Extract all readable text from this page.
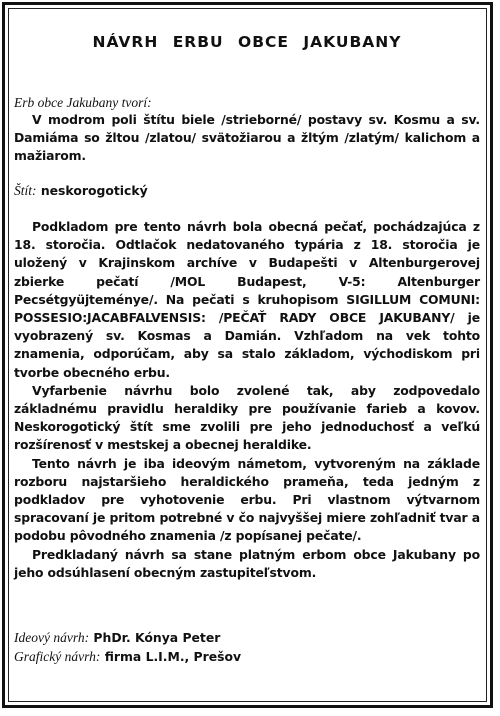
NÁVRH ERBU OBCE JAKUBANY
Erb obce Jakubany tvorí:

V modrom poli štítu biele /strieborné/ postavy sv. Kosmu a sv. Damiáma so žltou /zlatou/ svätožiarou a žltým /zlatým/ kalichom a mažiarom.

Štít: neskorogotický

Podkladom pre tento návrh bola obecná pečať, pochádzajúca z 18. storočia. Odtlačok nedatovaného typária z 18. storočia je uložený v Krajinskom archíve v Budapešti v Altenburgerovej zbierke pečatí /MOL Budapest, V-5: Altenburger Pecsétgyüjteménye/. Na pečati s kruhopisom SIGILLUM COMUNI: POSSESIO:JACABFALVENSIS: /PEČAŤ RADY OBCE JAKUBANY/ je vyobrazený sv. Kosmas a Damián. Vzhľadom na vek tohto znamenia, odporúčam, aby sa stalo základom, východiskom pri tvorbe obecného erbu.

Vyfarbenie návrhu bolo zvolené tak, aby zodpovedalo základnému pravidlu heraldiky pre používanie farieb a kovov. Neskorogotický štít sme zvolili pre jeho jednoduchosť a veľkú rozšírenosť v mestskej a obecnej heraldike.

Tento návrh je iba ideovým námetom, vytvoreným na základe rozboru najstaršieho heraldického prameňa, teda jedným z podkladov pre vyhotovenie erbu. Pri vlastnom výtvarnom spracovaní je pritom potrebné v čo najvyššej miere zohľadniť tvar a podobu pôvodného znamenia /z popísanej pečate/.

Predkladaný návrh sa stane platným erbom obce Jakubany po jeho odsúhlasení obecným zastupiteľstvom.

Ideový návrh: PhDr. Kónya Peter

Grafický návrh: firma L.I.M., Prešov
